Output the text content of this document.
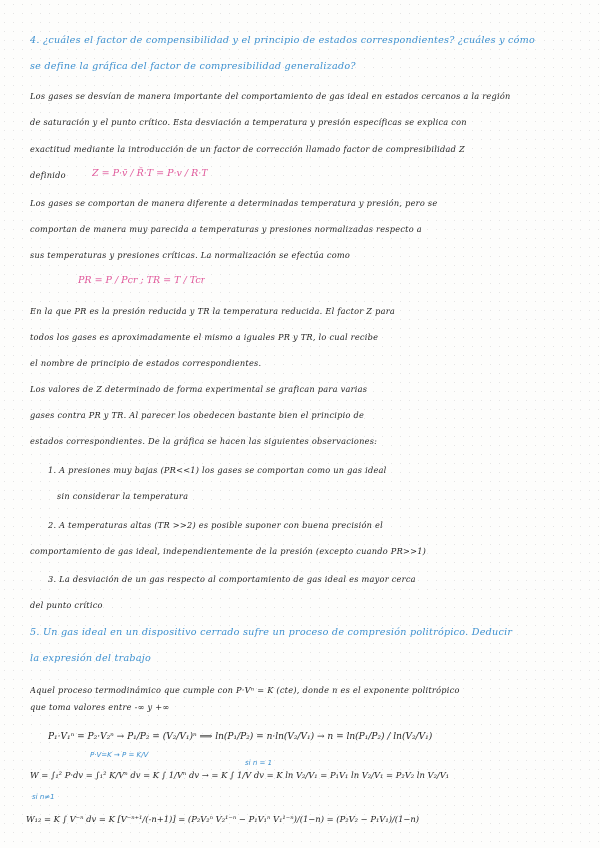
4. ¿cuáles el factor de compensibilidad y el principio de estados correspondientes? ¿cuáles y cómo
se define la gráfica del factor de compresibilidad generalizado?
Los gases se desvían de manera importante del comportamiento de gas ideal en estados cercanos a la región
de saturación y el punto crítico. Esta desviación a temperatura y presión específicas se explica con
exactitud mediante la introducción de un factor de corrección llamado factor de compresibilidad Z
definido	Z = P·v̄ / R̄·T = P·v / R·T
Los gases se comportan de manera diferente a determinadas temperatura y presión, pero se
comportan de manera muy parecida a temperaturas y presiones normalizadas respecto a
sus temperaturas y presiones críticas. La normalización se efectúa como
PR = P / Pcr ; TR = T / Tcr
En la que PR es la presión reducida y TR la temperatura reducida. El factor Z para
todos los gases es aproximadamente el mismo a iguales PR y TR, lo cual recibe
el nombre de principio de estados correspondientes.
Los valores de Z determinado de forma experimental se grafican para varias
gases contra PR y TR. Al parecer los obedecen bastante bien el principio de
estados correspondientes. De la gráfica se hacen las siguientes observaciones:
1. A presiones muy bajas (PR<<1) los gases se comportan como un gas ideal
sin considerar la temperatura
2. A temperaturas altas (TR >>2) es posible suponer con buena precisión el
comportamiento de gas ideal, independientemente de la presión (excepto cuando PR>>1)
3. La desviación de un gas respecto al comportamiento de gas ideal es mayor cerca
del punto crítico
5. Un gas ideal en un dispositivo cerrado sufre un proceso de compresión politrópico. Deducir
la expresión del trabajo
Aquel proceso termodinámico que cumple con P·Vⁿ = K (cte), donde n es el exponente politrópico
que toma valores entre -∞ y +∞
P₁·V₁ⁿ = P₂·V₂ⁿ → P₁/P₂ = (V₂/V₁)ⁿ ⟹ ln(P₁/P₂) = n·ln(V₂/V₁) → n = ln(P₁/P₂) / ln(V₂/V₁)
P·V=K → P = K/V
si n = 1
W = ∫₁² P·dv = ∫₁² K/Vⁿ dv = K ∫ 1/Vⁿ dv → = K ∫ 1/V dv = K ln V₂/V₁ = P₁V₁ ln V₂/V₁ = P₂V₂ ln V₂/V₁
si n≠1
W₁₂ = K ∫ V⁻ⁿ dv = K [V⁻ⁿ⁺¹/(-n+1)] = (P₂V₂ⁿ V₂¹⁻ⁿ − P₁V₁ⁿ V₁¹⁻ⁿ)/(1−n) = (P₂V₂ − P₁V₁)/(1−n)
